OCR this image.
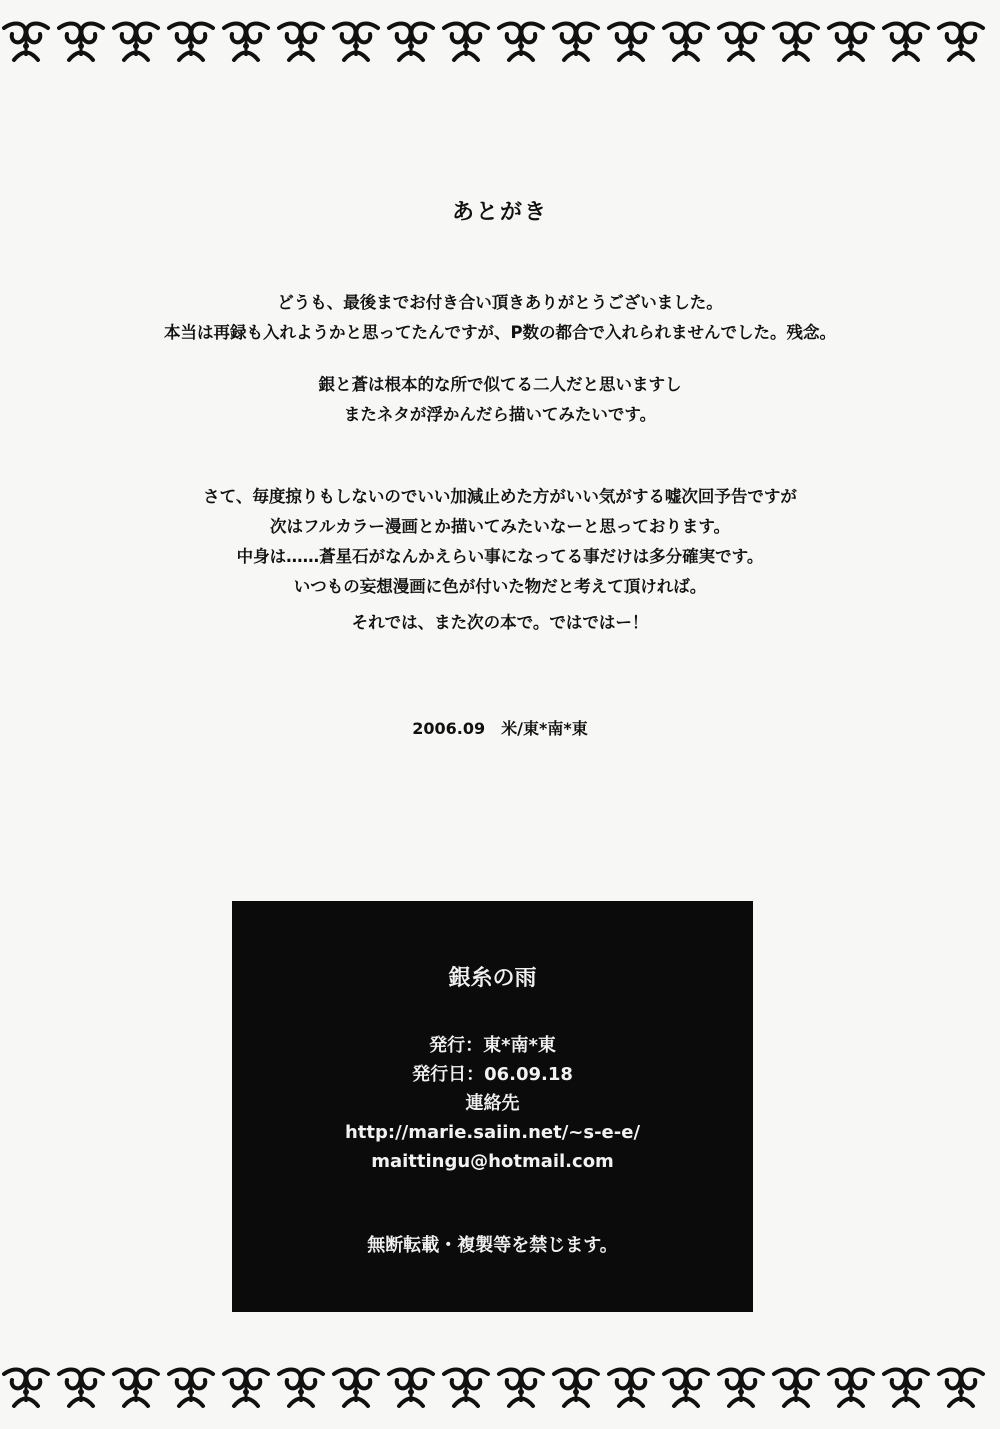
あとがき
どうも、最後までお付き合い頂きありがとうございました。
本当は再録も入れようかと思ってたんですが、P数の都合で入れられませんでした。残念。
銀と蒼は根本的な所で似てる二人だと思いますし
またネタが浮かんだら描いてみたいです。
さて、毎度掠りもしないのでいい加減止めた方がいい気がする嘘次回予告ですが
次はフルカラー漫画とか描いてみたいなーと思っております。
中身は……蒼星石がなんかえらい事になってる事だけは多分確実です。
いつもの妄想漫画に色が付いた物だと考えて頂ければ。
それでは、また次の本で。ではではー！
2006.09　米/東*南*東
銀糸の雨
発行：東*南*東
発行日：06.09.18
連絡先
http://marie.saiin.net/~s-e-e/
maittingu@hotmail.com
無断転載・複製等を禁じます。
